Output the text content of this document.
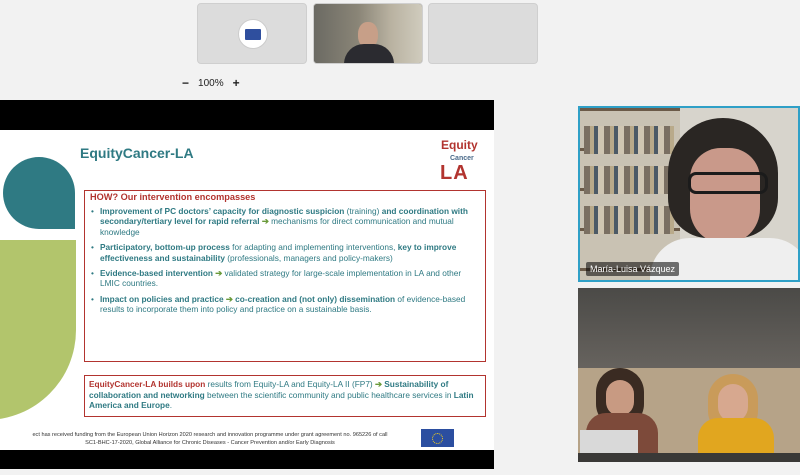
− 100% +
EquityCancer-LA	Equity
Cancer
LA
HOW? Our intervention encompasses
• Improvement of PC doctors’ capacity for diagnostic suspicion (training) and coordination with secondary/tertiary level for rapid referral ➔ mechanisms for direct communication and mutual knowledge
• Participatory, bottom-up process for adapting and implementing interventions, key to improve effectiveness and sustainability (professionals, managers and policy-makers)
• Evidence-based intervention ➔ validated strategy for large-scale implementation in LA and other LMIC countries.
• Impact on policies and practice ➔ co-creation and (not only) dissemination of evidence-based results to incorporate them into policy and practice on a sustainable basis.
EquityCancer-LA builds upon results from Equity-LA and Equity-LA II (FP7) ➔ Sustainability of collaboration and networking between the scientific community and public healthcare services in Latin America and Europe.
ect has received funding from the European Union Horizon 2020 research and innovation programme under grant agreement no. 965226 of call
SC1-BHC-17-2020, Global Alliance for Chronic Diseases - Cancer Prevention and/or Early Diagnosis
María-Luisa Vázquez
